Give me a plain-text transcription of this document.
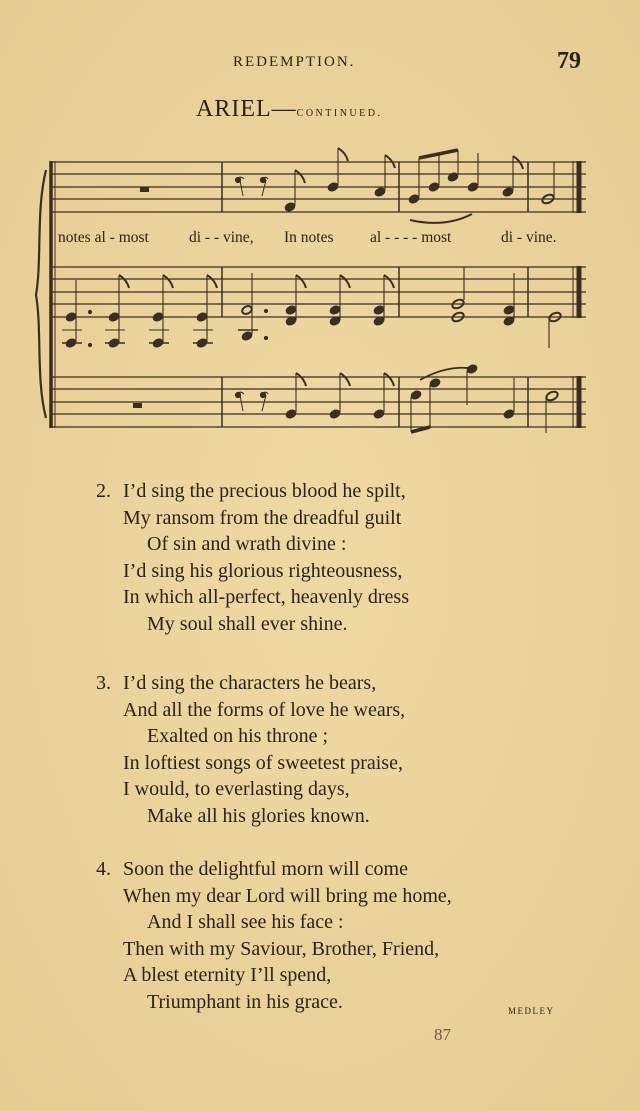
REDEMPTION.	79
ARIEL—CONTINUED.
notes al - most	di - - vine, In notes al - - - - most	di - vine.
2. I’d sing the precious blood he spilt,
My ransom from the dreadful guilt
Of sin and wrath divine :
I’d sing his glorious righteousness,
In which all-perfect, heavenly dress
My soul shall ever shine.
3. I’d sing the characters he bears,
And all the forms of love he wears,
Exalted on his throne ;
In loftiest songs of sweetest praise,
I would, to everlasting days,
Make all his glories known.
4. Soon the delightful morn will come
When my dear Lord will bring me home,
And I shall see his face :
Then with my Saviour, Brother, Friend,
A blest eternity I’ll spend,
Triumphant in his grace.	MEDLEY
87
